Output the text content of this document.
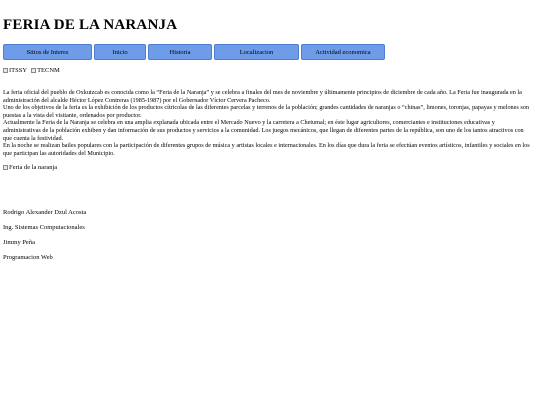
FERIA DE LA NARANJA
Sitios de Interes	Inicio	Historia	Localizacion	Actividad economica
ITSSY TECNM

La feria oficial del pueblo de Oxkutzcab es conocida como la “Feria de la Naranja” y se celebra a finales del mes de noviembre y últimamente principios de diciembre de cada año. La Feria fue inaugurada en la administración del alcalde Héctor López Contreras (1985-1987) por el Gobernador Víctor Cervera Pacheco.

Uno de los objetivos de la feria es la exhibición de los productos cítricolas de las diferentes parcelas y terrenos de la población; grandes cantidades de naranjas o “chinas”, limones, toronjas, papayas y melones son puestas a la vista del visitante, ordenados por productor.

Actualmente la Feria de la Naranja se celebra en una amplia explanada ubicada entre el Mercado Nuevo y la carretera a Chetumal; en éste lugar agricultores, comerciantes e instituciones educativas y administrativas de la población exhiben y dan información de sus productos y servicios a la comunidad. Los juegos mecánicos, que llegan de diferentes partes de la república, son uno de los tantos atractivos con que cuenta la festividad.

En la noche se realizan bailes populares con la participación de diferentes grupos de música y artistas locales e internacionales. En los días que dura la feria se efectúan eventos artísticos, infantiles y sociales en los que participan las autoridades del Municipio.

Feria de la naranja
Rodrigo Alexander Dzul Acosta
Ing. Sistemas Computacionales
Jimmy Peña
Programacion Web
